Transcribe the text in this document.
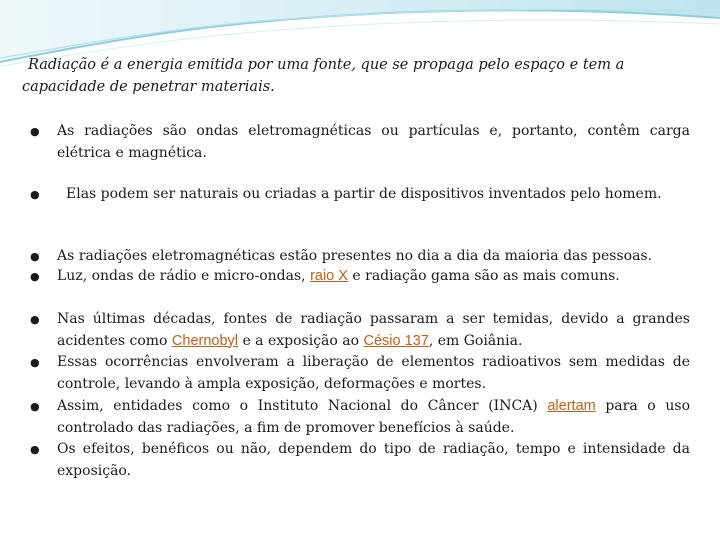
Radiação é a energia emitida por uma fonte, que se propaga pelo espaço e tem a
capacidade de penetrar materiais.
●	As radiações são ondas eletromagnéticas ou partículas e, portanto, contêm carga elétrica e magnética.
●	Elas podem ser naturais ou criadas a partir de dispositivos inventados pelo homem.
●	As radiações eletromagnéticas estão presentes no dia a dia da maioria das pessoas.
●	Luz, ondas de rádio e micro-ondas, raio X e radiação gama são as mais comuns.
●	Nas últimas décadas, fontes de radiação passaram a ser temidas, devido a grandes acidentes como Chernobyl e a exposição ao Césio 137, em Goiânia.
●	Essas ocorrências envolveram a liberação de elementos radioativos sem medidas de controle, levando à ampla exposição, deformações e mortes.
●	Assim, entidades como o Instituto Nacional do Câncer (INCA) alertam para o uso controlado das radiações, a fim de promover benefícios à saúde.
●	Os efeitos, benéficos ou não, dependem do tipo de radiação, tempo e intensidade da exposição.
